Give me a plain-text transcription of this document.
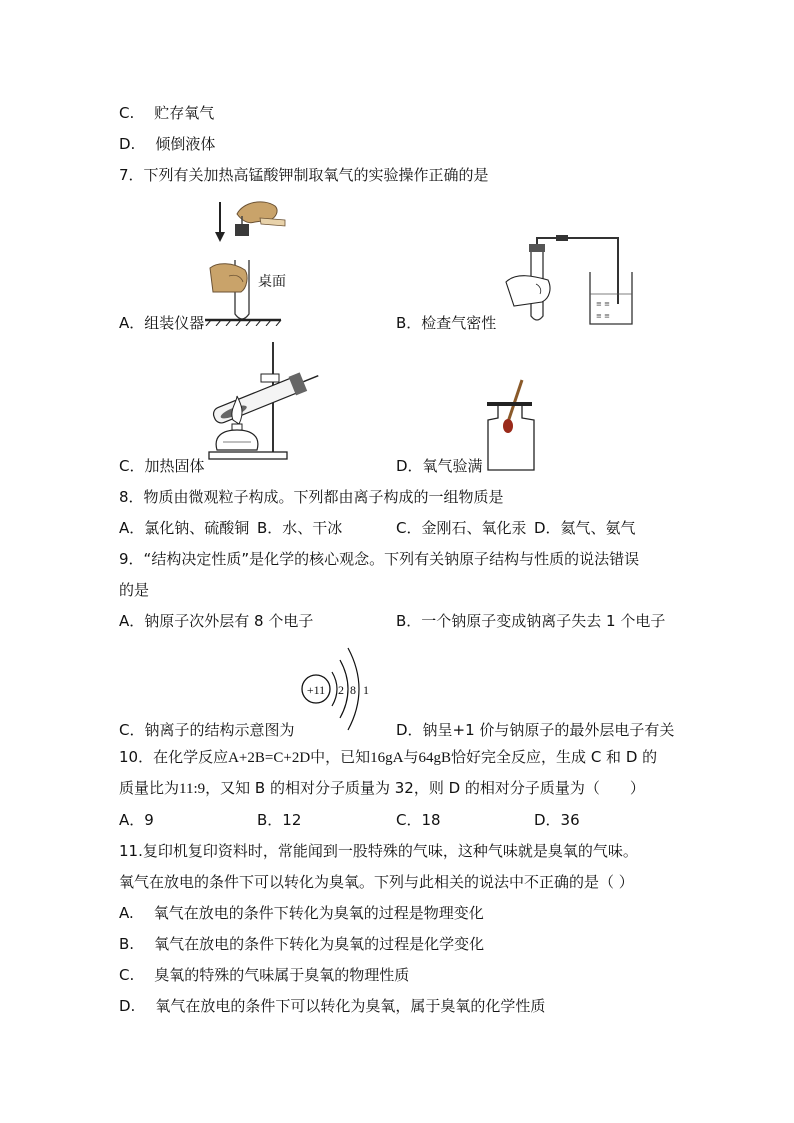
C. 贮存氧气
D. 倾倒液体
7．下列有关加热高锰酸钾制取氧气的实验操作正确的是
桌面
A．组装仪器
≡ ≡
≡ ≡
B．检查气密性
C．加热固体	D．氧气验满
8．物质由微观粒子构成。下列都由离子构成的一组物质是
A．氯化钠、硫酸铜 B．水、干冰	C．金刚石、氧化汞 D．氦气、氨气
9．“结构决定性质”是化学的核心观念。下列有关钠原子结构与性质的说法错误
的是
A．钠原子次外层有 8 个电子	B．一个钠原子变成钠离子失去 1 个电子
+11 2 8 1
C．钠离子的结构示意图为	D．钠呈+1 价与钠原子的最外层电子有关
10．在化学反应A+2B=C+2D中，已知16gA与64gB恰好完全反应，生成 C 和 D 的
质量比为11:9，又知 B 的相对分子质量为 32，则 D 的相对分子质量为（　　）
A．9	B．12	C．18	D．36
11.复印机复印资料时，常能闻到一股特殊的气味，这种气味就是臭氧的气味。
氧气在放电的条件下可以转化为臭氧。下列与此相关的说法中不正确的是（ ）
A. 氧气在放电的条件下转化为臭氧的过程是物理变化
B. 氧气在放电的条件下转化为臭氧的过程是化学变化
C. 臭氧的特殊的气味属于臭氧的物理性质
D. 氧气在放电的条件下可以转化为臭氧，属于臭氧的化学性质
